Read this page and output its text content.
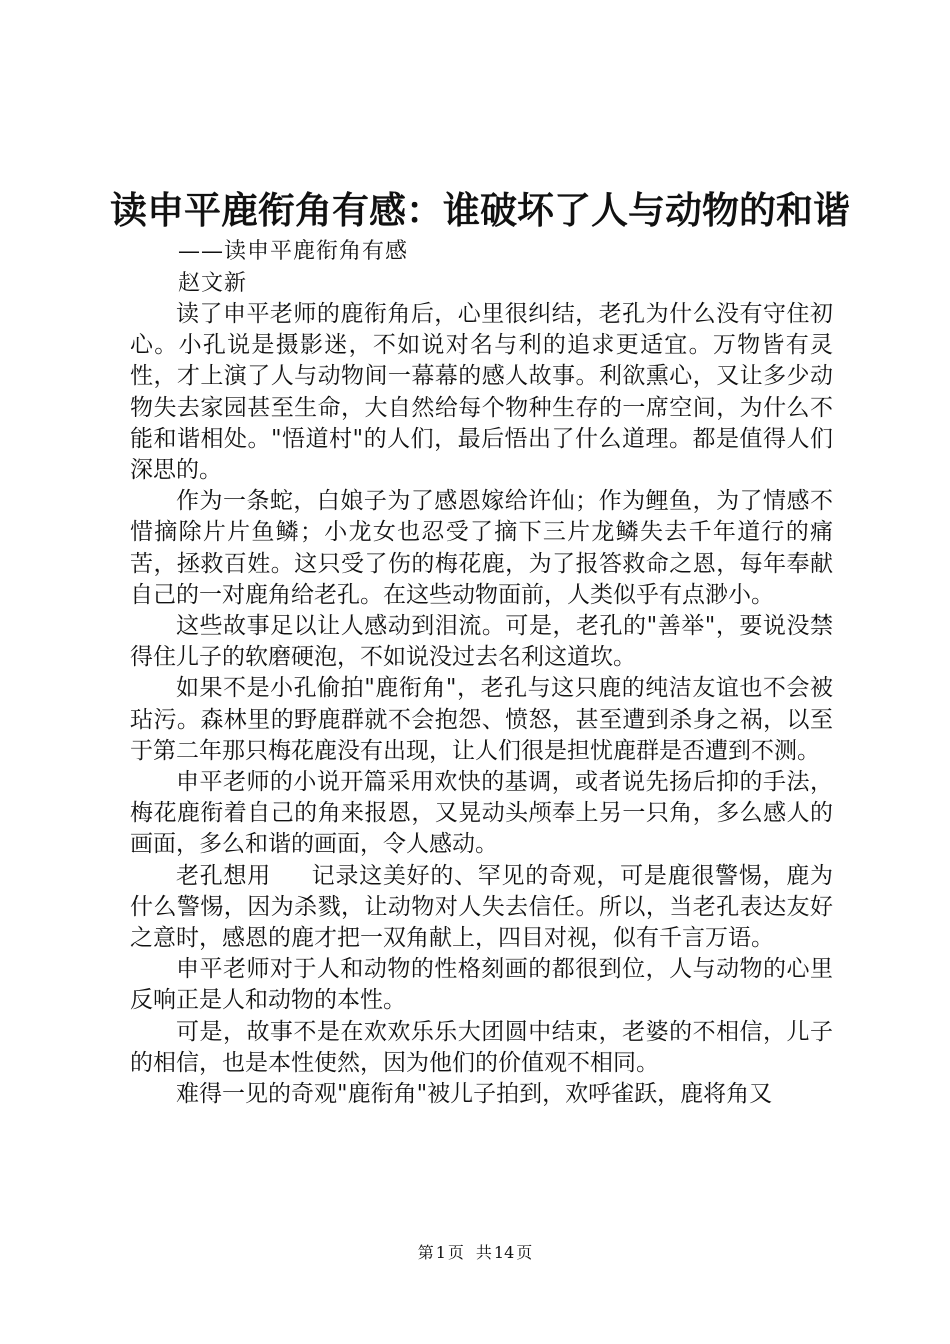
读申平鹿衔角有感：谁破坏了人与动物的和谐
——读申平鹿衔角有感
赵文新

读了申平老师的鹿衔角后，心里很纠结，老孔为什么没有守住初心。小孔说是摄影迷，不如说对名与利的追求更适宜。万物皆有灵性，才上演了人与动物间一幕幕的感人故事。利欲熏心，又让多少动物失去家园甚至生命，大自然给每个物种生存的一席空间，为什么不能和谐相处。"悟道村"的人们，最后悟出了什么道理。都是值得人们深思的。

作为一条蛇，白娘子为了感恩嫁给许仙；作为鲤鱼，为了情感不惜摘除片片鱼鳞；小龙女也忍受了摘下三片龙鳞失去千年道行的痛苦，拯救百姓。这只受了伤的梅花鹿，为了报答救命之恩，每年奉献自己的一对鹿角给老孔。在这些动物面前，人类似乎有点渺小。

这些故事足以让人感动到泪流。可是，老孔的"善举"，要说没禁得住儿子的软磨硬泡，不如说没过去名利这道坎。

如果不是小孔偷拍"鹿衔角"，老孔与这只鹿的纯洁友谊也不会被玷污。森林里的野鹿群就不会抱怨、愤怒，甚至遭到杀身之祸，以至于第二年那只梅花鹿没有出现，让人们很是担忧鹿群是否遭到不测。

申平老师的小说开篇采用欢快的基调，或者说先扬后抑的手法，梅花鹿衔着自己的角来报恩，又晃动头颅奉上另一只角，多么感人的画面，多么和谐的画面，令人感动。

老孔想用 记录这美好的、罕见的奇观，可是鹿很警惕，鹿为什么警惕，因为杀戮，让动物对人失去信任。所以，当老孔表达友好之意时，感恩的鹿才把一双角献上，四目对视，似有千言万语。

申平老师对于人和动物的性格刻画的都很到位，人与动物的心里反响正是人和动物的本性。

可是，故事不是在欢欢乐乐大团圆中结束，老婆的不相信，儿子的相信，也是本性使然，因为他们的价值观不相同。

难得一见的奇观"鹿衔角"被儿子拍到，欢呼雀跃，鹿将角又

第 1 页 共 14 页
